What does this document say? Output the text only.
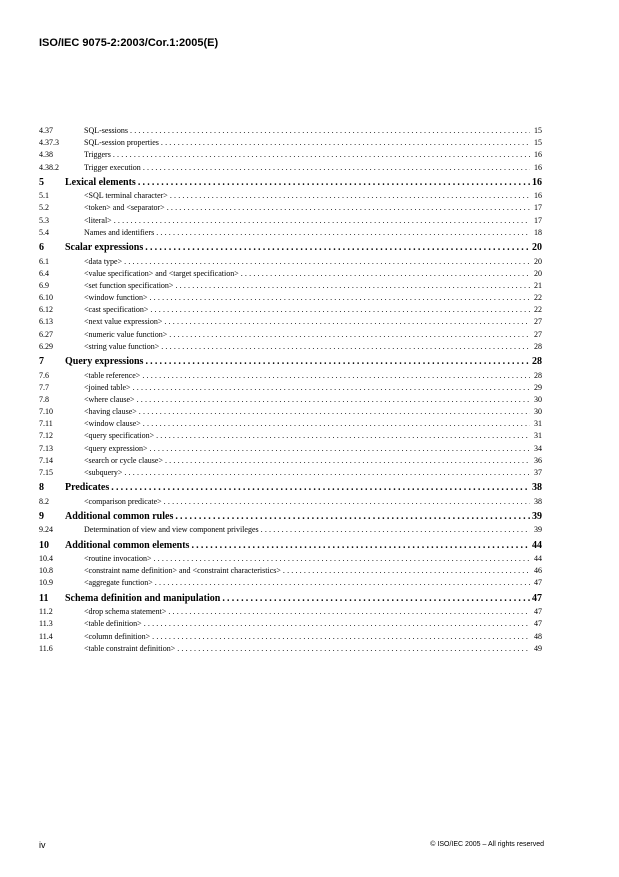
ISO/IEC 9075-2:2003/Cor.1:2005(E)
4.37	SQL-sessions .....	15
4.37.3	SQL-session properties .....	15
4.38	Triggers .....	16
4.38.2	Trigger execution .....	16
5	Lexical elements .....	16
5.1	<SQL terminal character> .....	16
5.2	<token> and <separator> .....	17
5.3	<literal> .....	17
5.4	Names and identifiers .....	18
6	Scalar expressions .....	20
6.1	<data type> .....	20
6.4	<value specification> and <target specification> .....	20
6.9	<set function specification> .....	21
6.10	<window function> .....	22
6.12	<cast specification> .....	22
6.13	<next value expression> .....	27
6.27	<numeric value function> .....	27
6.29	<string value function> .....	28
7	Query expressions .....	28
7.6	<table reference> .....	28
7.7	<joined table> .....	29
7.8	<where clause> .....	30
7.10	<having clause> .....	30
7.11	<window clause> .....	31
7.12	<query specification> .....	31
7.13	<query expression> .....	34
7.14	<search or cycle clause> .....	36
7.15	<subquery> .....	37
8	Predicates .....	38
8.2	<comparison predicate> .....	38
9	Additional common rules .....	39
9.24	Determination of view and view component privileges .....	39
10	Additional common elements .....	44
10.4	<routine invocation> .....	44
10.8	<constraint name definition> and <constraint characteristics> .....	46
10.9	<aggregate function> .....	47
11	Schema definition and manipulation .....	47
11.2	<drop schema statement> .....	47
11.3	<table definition> .....	47
11.4	<column definition> .....	48
11.6	<table constraint definition> .....	49
iv	© ISO/IEC 2005 – All rights reserved
